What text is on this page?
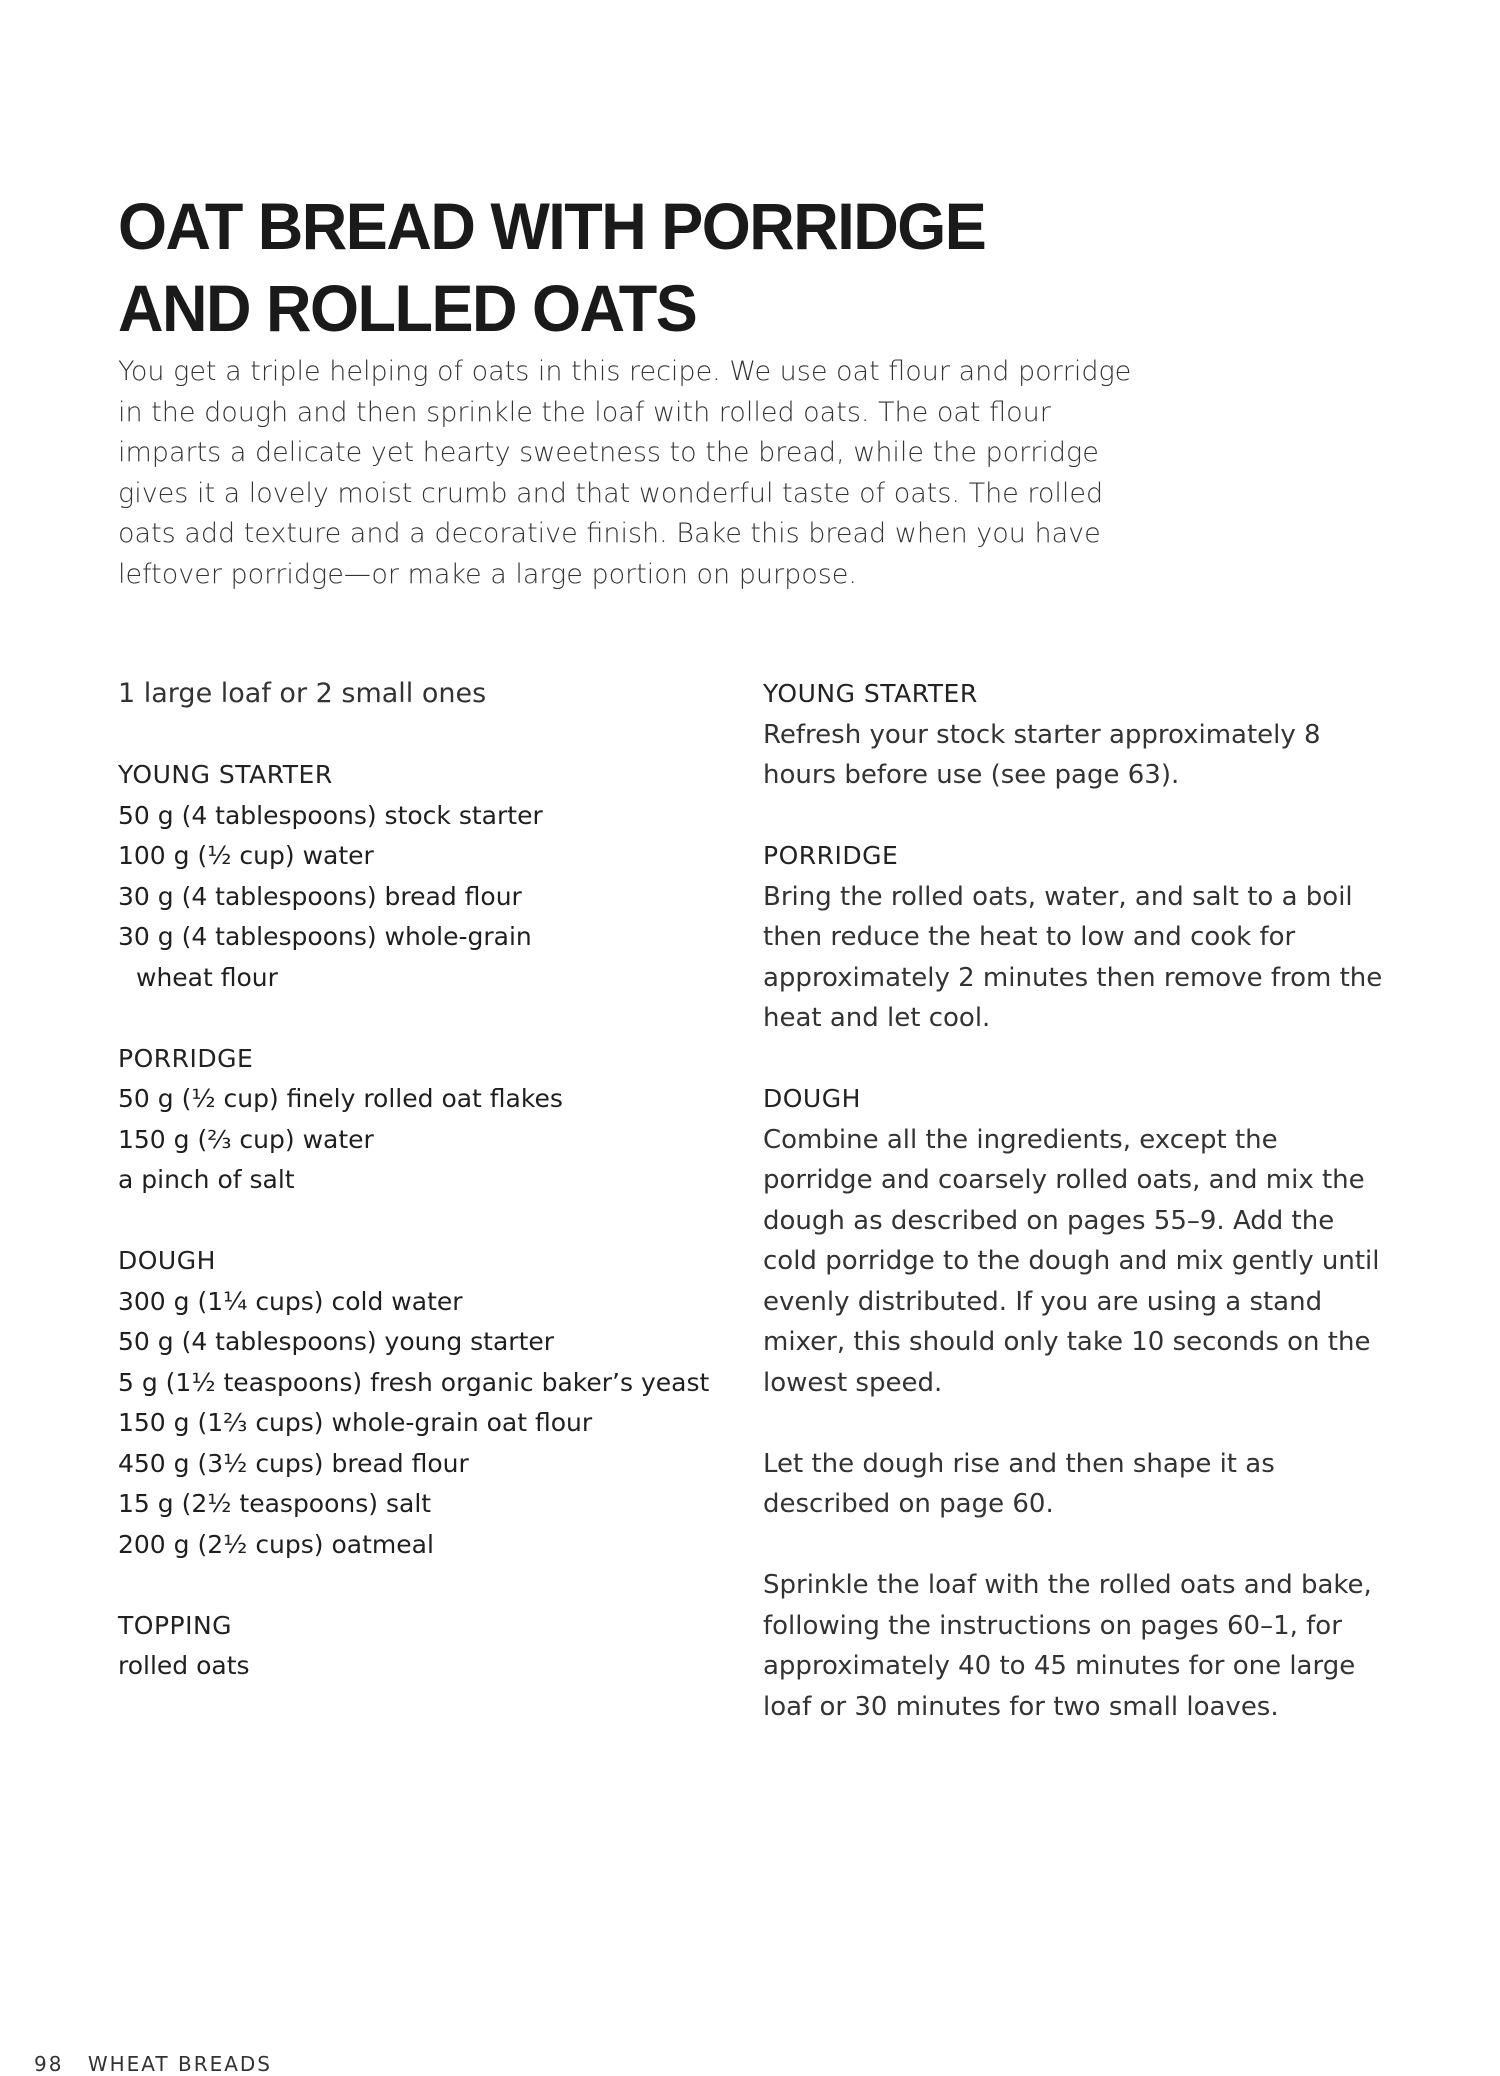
OAT BREAD WITH PORRIDGE
AND ROLLED OATS

You get a triple helping of oats in this recipe. We use oat flour and porridge in the dough and then sprinkle the loaf with rolled oats. The oat flour imparts a delicate yet hearty sweetness to the bread, while the porridge gives it a lovely moist crumb and that wonderful taste of oats. The rolled oats add texture and a decorative finish. Bake this bread when you have leftover porridge—or make a large portion on purpose.

1 large loaf or 2 small ones

YOUNG STARTER

50 g (4 tablespoons) stock starter

100 g (½ cup) water

30 g (4 tablespoons) bread flour

30 g (4 tablespoons) whole-grain

wheat flour

PORRIDGE

50 g (½ cup) finely rolled oat flakes

150 g (⅔ cup) water

a pinch of salt

DOUGH

300 g (1¼ cups) cold water

50 g (4 tablespoons) young starter

5 g (1½ teaspoons) fresh organic baker’s yeast

150 g (1⅔ cups) whole-grain oat flour

450 g (3½ cups) bread flour

15 g (2½ teaspoons) salt

200 g (2½ cups) oatmeal

TOPPING

rolled oats

YOUNG STARTER

Refresh your stock starter approximately 8 hours before use (see page 63).

PORRIDGE

Bring the rolled oats, water, and salt to a boil then reduce the heat to low and cook for approximately 2 minutes then remove from the heat and let cool.

DOUGH

Combine all the ingredients, except the porridge and coarsely rolled oats, and mix the dough as described on pages 55–9. Add the cold porridge to the dough and mix gently until evenly distributed. If you are using a stand mixer, this should only take 10 seconds on the lowest speed.

Let the dough rise and then shape it as described on page 60.

Sprinkle the loaf with the rolled oats and bake, following the instructions on pages 60–1, for approximately 40 to 45 minutes for one large loaf or 30 minutes for two small loaves.

98 WHEAT BREADS
